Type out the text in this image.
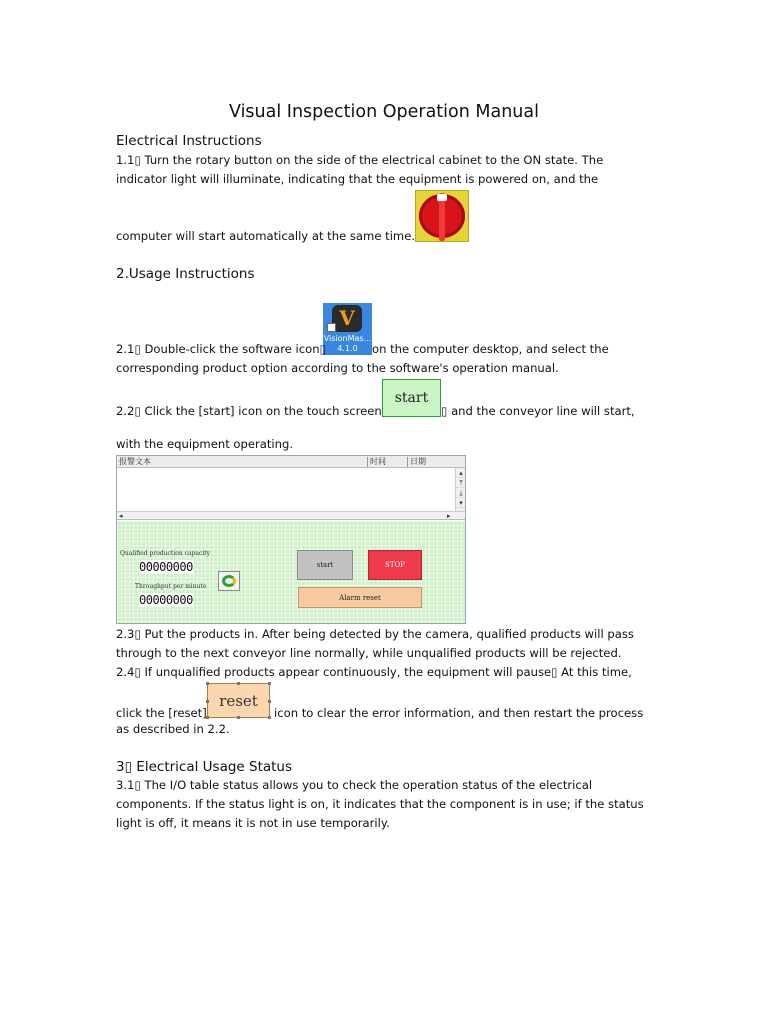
Visual Inspection Operation Manual
Electrical Instructions
1.1▯ Turn the rotary button on the side of the electrical cabinet to the ON state. The
indicator light will illuminate, indicating that the equipment is powered on, and the
computer will start automatically at the same time.
2.Usage Instructions
V
VisionMas...
4.1.0
2.1▯ Double-click the software icon▯	on the computer desktop, and select the
corresponding product option according to the software's operation manual.
start
2.2▯ Click the [start] icon on the touch screen	▯ and the conveyor line will start,
with the equipment operating.
报警文本	时间	日期
▴
⤒
⤓
▾
◂	▸
Qualified production capacity
00000000
Throughput per minute
00000000
start	STOP
Alarm reset
2.3▯ Put the products in. After being detected by the camera, qualified products will pass
through to the next conveyor line normally, while unqualified products will be rejected.
2.4▯ If unqualified products appear continuously, the equipment will pause▯ At this time,
reset
click the [reset]	icon to clear the error information, and then restart the process
as described in 2.2.
3▯ Electrical Usage Status
3.1▯ The I/O table status allows you to check the operation status of the electrical
components. If the status light is on, it indicates that the component is in use; if the status
light is off, it means it is not in use temporarily.
